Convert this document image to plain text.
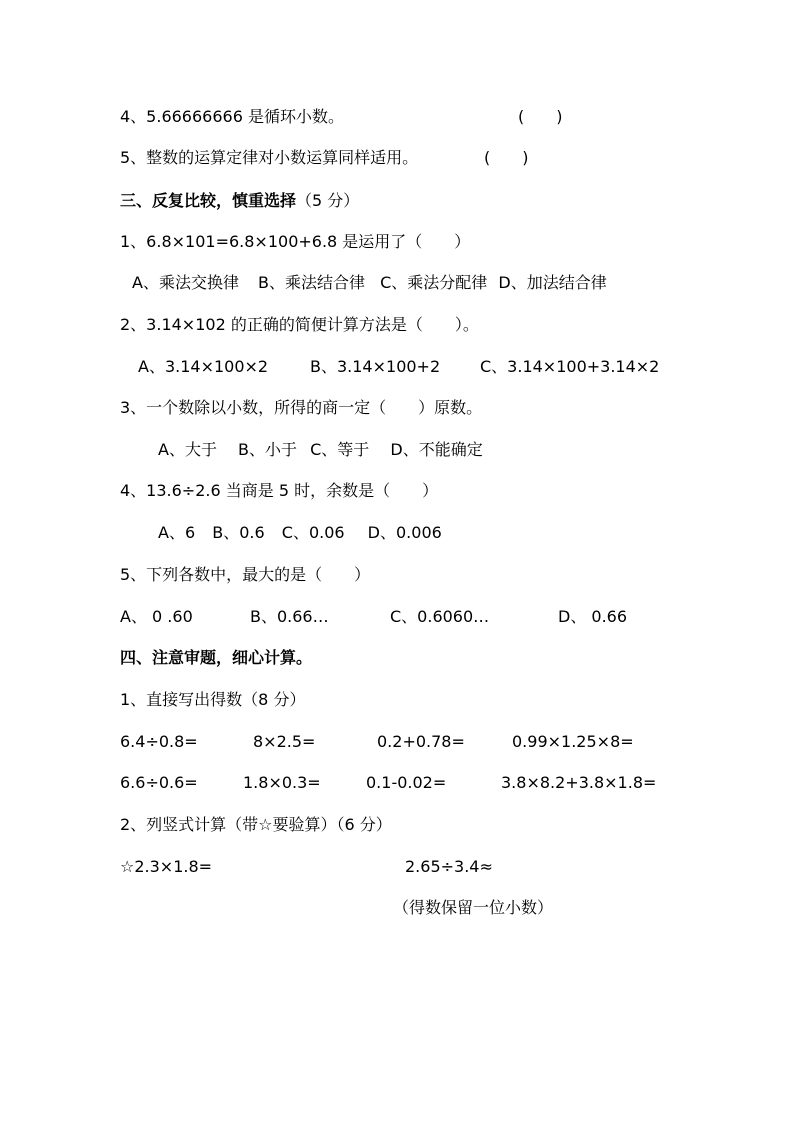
4、5.66666666 是循环小数。	(　　)
5、整数的运算定律对小数运算同样适用。	(　　)
三、反复比较，慎重选择（5 分）
1、6.8×101=6.8×100+6.8 是运用了（　　）
A、乘法交换律 B、乘法结合律 C、乘法分配律 D、加法结合律
2、3.14×102 的正确的简便计算方法是（　　）。
A、3.14×100×2	B、3.14×100+2 C、3.14×100+3.14×2
3、一个数除以小数，所得的商一定（　　）原数。
A、大于 B、小于 C、等于 D、不能确定
4、13.6÷2.6 当商是 5 时，余数是（　　）
A、6 B、0.6 C、0.06 D、0.006
5、下列各数中，最大的是（　　）
A、 0 .60	B、0.66…	C、0.6060…	D、 0.66
四、注意审题，细心计算。
1、直接写出得数（8 分）
6.4÷0.8=	8×2.5=	0.2+0.78=	0.99×1.25×8=
6.6÷0.6=	1.8×0.3=	0.1-0.02=	3.8×8.2+3.8×1.8=
2、列竖式计算（带☆要验算）（6 分）
☆2.3×1.8=	2.65÷3.4≈
（得数保留一位小数）
